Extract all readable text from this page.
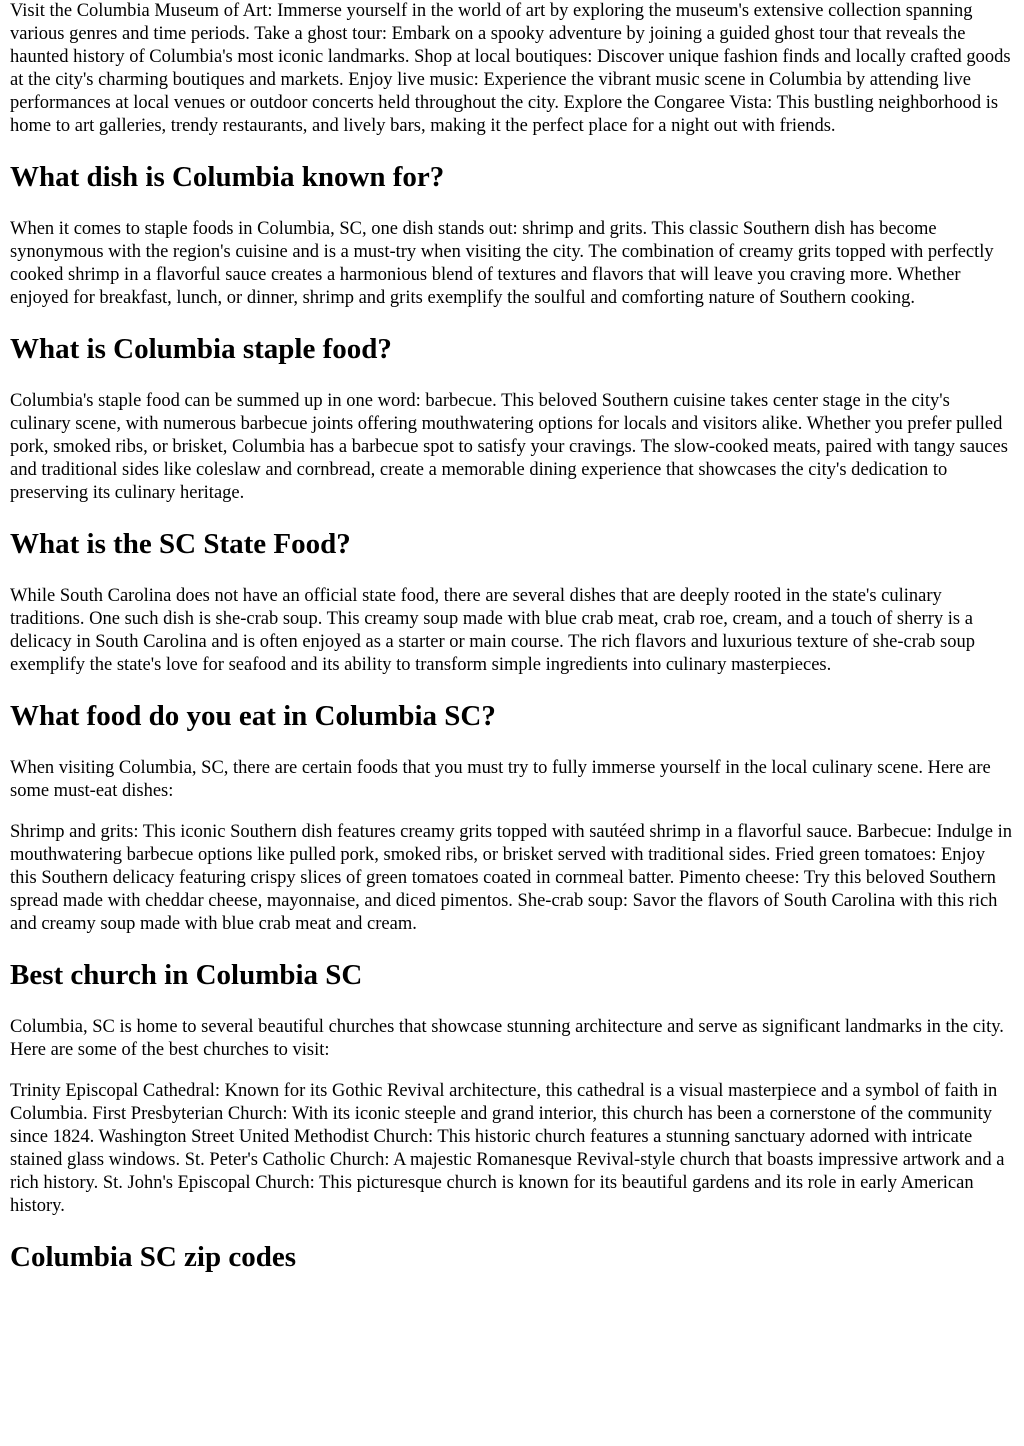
Visit the Columbia Museum of Art: Immerse yourself in the world of art by exploring the museum's extensive collection spanning various genres and time periods. Take a ghost tour: Embark on a spooky adventure by joining a guided ghost tour that reveals the haunted history of Columbia's most iconic landmarks. Shop at local boutiques: Discover unique fashion finds and locally crafted goods at the city's charming boutiques and markets. Enjoy live music: Experience the vibrant music scene in Columbia by attending live performances at local venues or outdoor concerts held throughout the city. Explore the Congaree Vista: This bustling neighborhood is home to art galleries, trendy restaurants, and lively bars, making it the perfect place for a night out with friends.

What dish is Columbia known for?

When it comes to staple foods in Columbia, SC, one dish stands out: shrimp and grits. This classic Southern dish has become synonymous with the region's cuisine and is a must-try when visiting the city. The combination of creamy grits topped with perfectly cooked shrimp in a flavorful sauce creates a harmonious blend of textures and flavors that will leave you craving more. Whether enjoyed for breakfast, lunch, or dinner, shrimp and grits exemplify the soulful and comforting nature of Southern cooking.

What is Columbia staple food?

Columbia's staple food can be summed up in one word: barbecue. This beloved Southern cuisine takes center stage in the city's culinary scene, with numerous barbecue joints offering mouthwatering options for locals and visitors alike. Whether you prefer pulled pork, smoked ribs, or brisket, Columbia has a barbecue spot to satisfy your cravings. The slow-cooked meats, paired with tangy sauces and traditional sides like coleslaw and cornbread, create a memorable dining experience that showcases the city's dedication to preserving its culinary heritage.

What is the SC State Food?

While South Carolina does not have an official state food, there are several dishes that are deeply rooted in the state's culinary traditions. One such dish is she-crab soup. This creamy soup made with blue crab meat, crab roe, cream, and a touch of sherry is a delicacy in South Carolina and is often enjoyed as a starter or main course. The rich flavors and luxurious texture of she-crab soup exemplify the state's love for seafood and its ability to transform simple ingredients into culinary masterpieces.

What food do you eat in Columbia SC?

When visiting Columbia, SC, there are certain foods that you must try to fully immerse yourself in the local culinary scene. Here are some must-eat dishes:

Shrimp and grits: This iconic Southern dish features creamy grits topped with sautéed shrimp in a flavorful sauce. Barbecue: Indulge in mouthwatering barbecue options like pulled pork, smoked ribs, or brisket served with traditional sides. Fried green tomatoes: Enjoy this Southern delicacy featuring crispy slices of green tomatoes coated in cornmeal batter. Pimento cheese: Try this beloved Southern spread made with cheddar cheese, mayonnaise, and diced pimentos. She-crab soup: Savor the flavors of South Carolina with this rich and creamy soup made with blue crab meat and cream.

Best church in Columbia SC

Columbia, SC is home to several beautiful churches that showcase stunning architecture and serve as significant landmarks in the city. Here are some of the best churches to visit:

Trinity Episcopal Cathedral: Known for its Gothic Revival architecture, this cathedral is a visual masterpiece and a symbol of faith in Columbia. First Presbyterian Church: With its iconic steeple and grand interior, this church has been a cornerstone of the community since 1824. Washington Street United Methodist Church: This historic church features a stunning sanctuary adorned with intricate stained glass windows. St. Peter's Catholic Church: A majestic Romanesque Revival-style church that boasts impressive artwork and a rich history. St. John's Episcopal Church: This picturesque church is known for its beautiful gardens and its role in early American history.

Columbia SC zip codes
